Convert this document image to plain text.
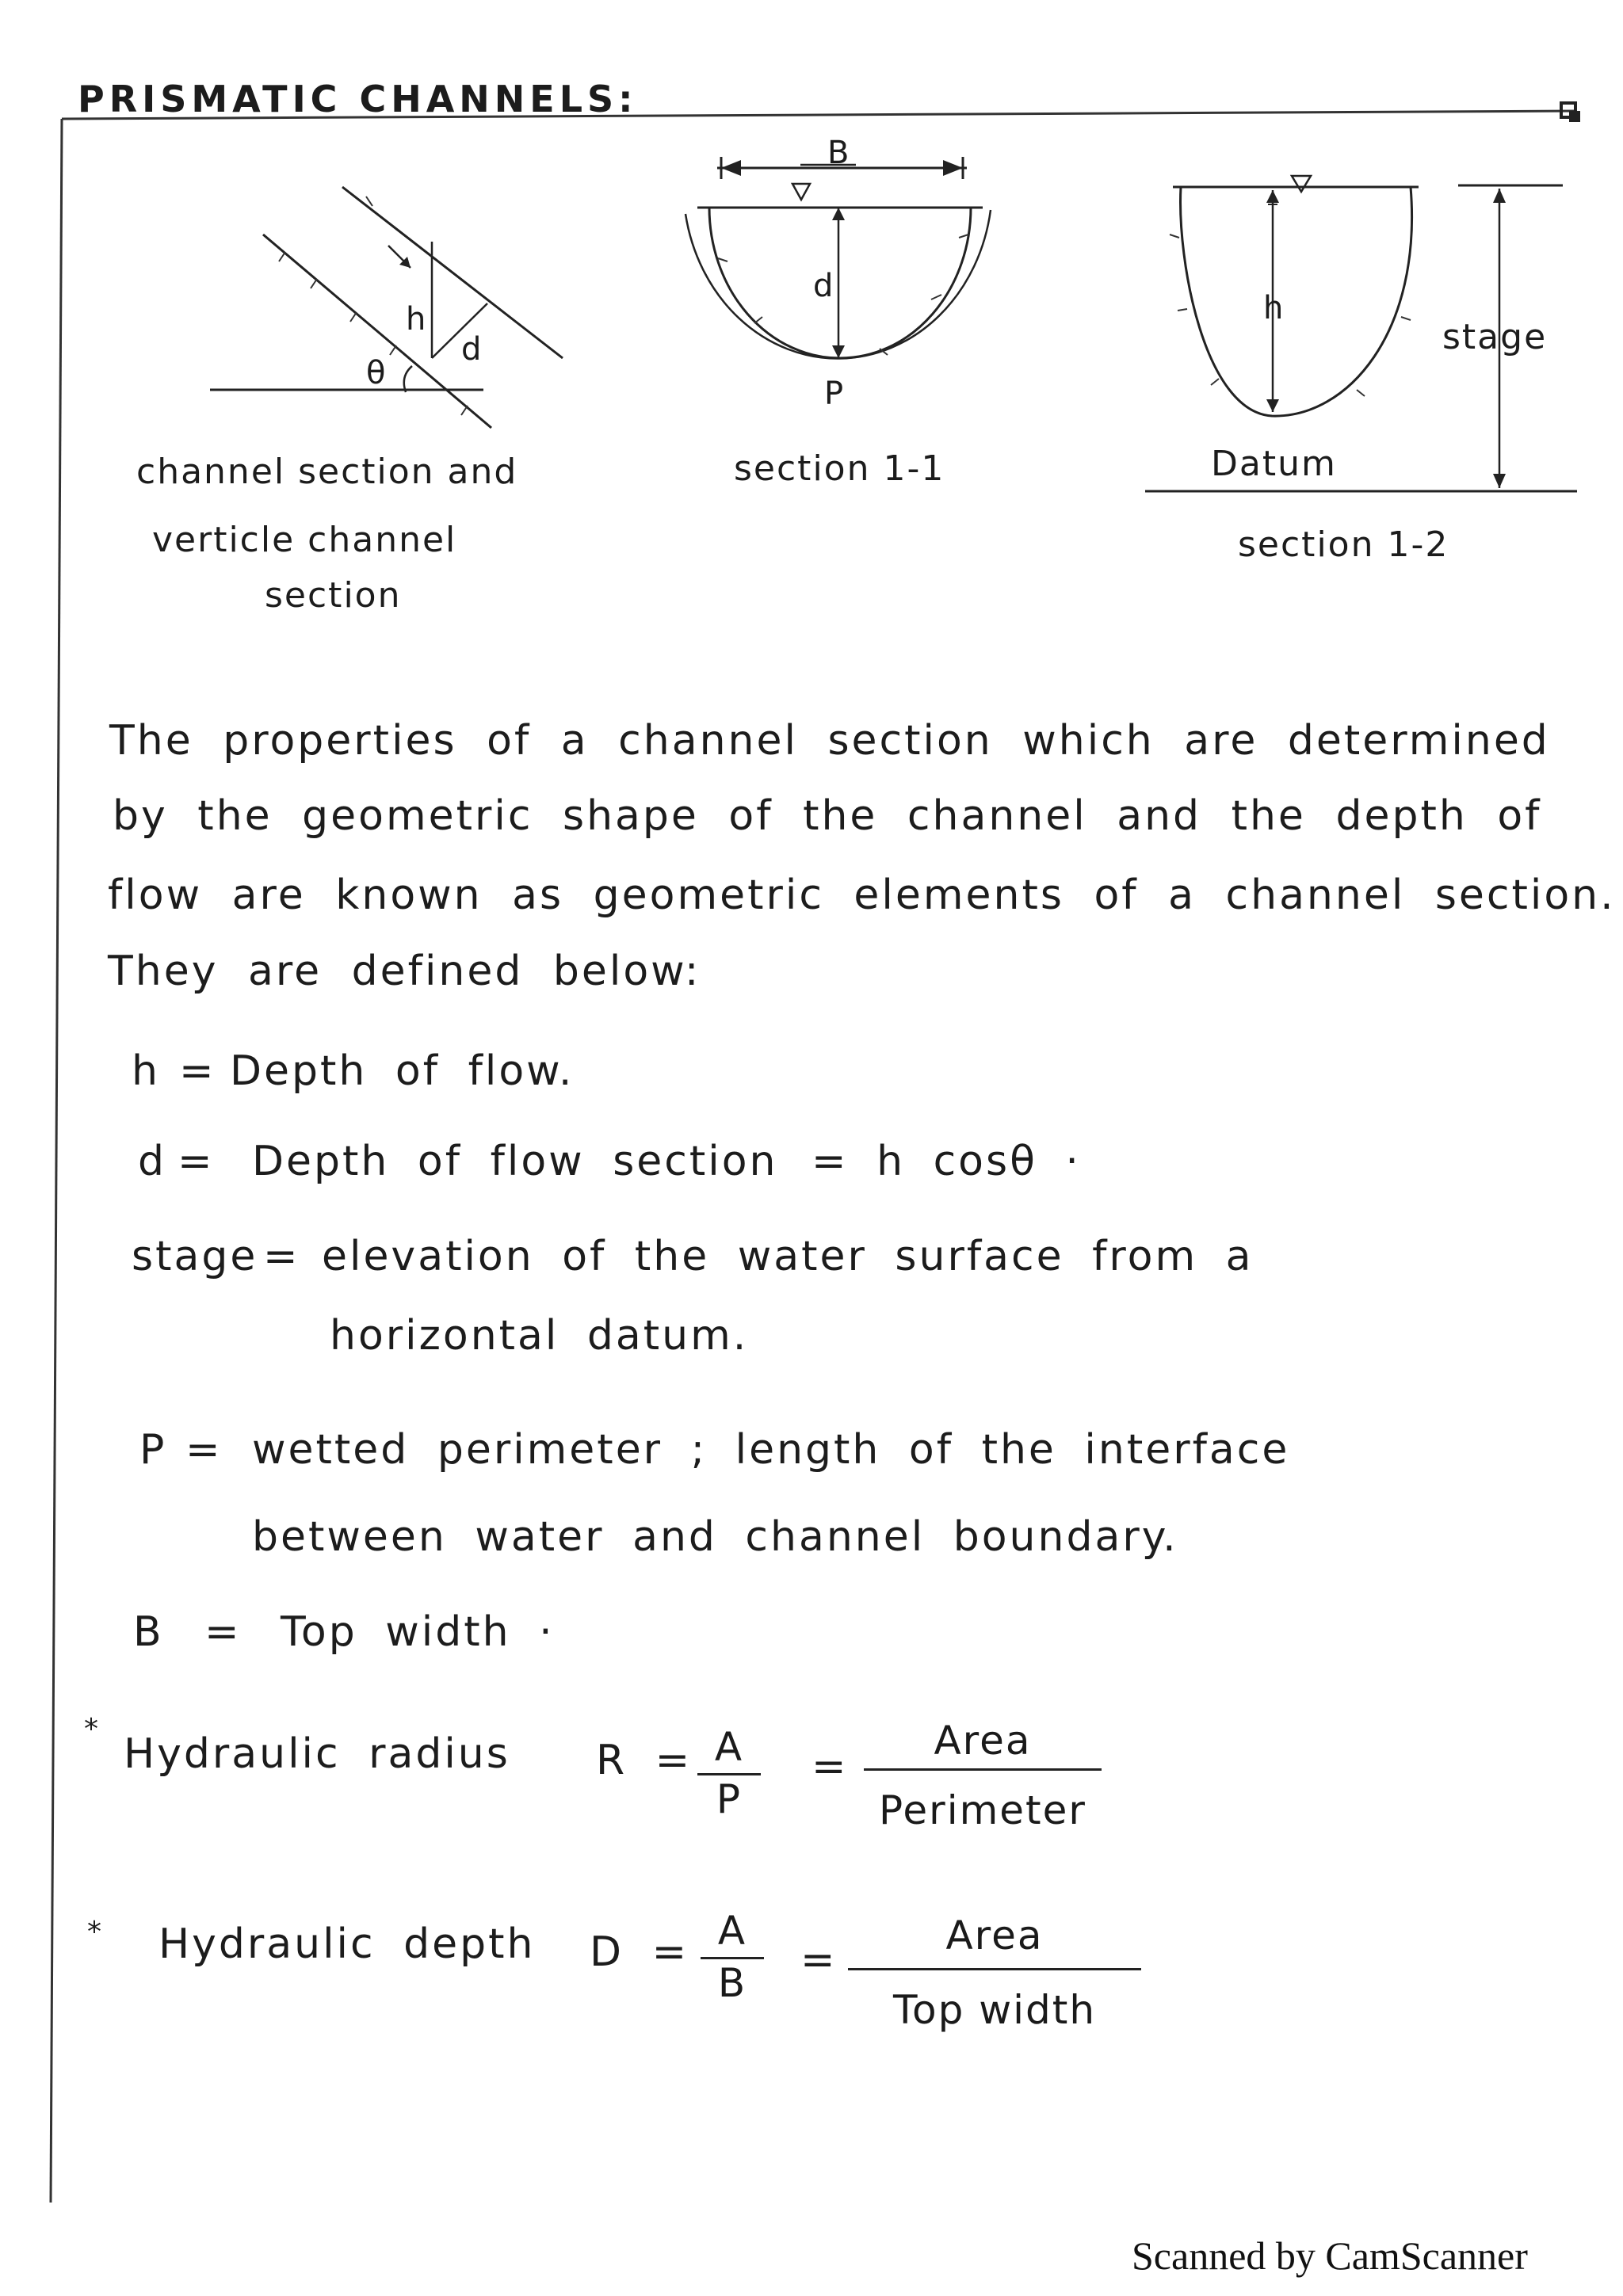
PRISMATIC CHANNELS:
h
d
θ
channel section and
verticle channel
section
B
d
P
section 1-1
h
stage
Datum
section 1-2
The properties of a channel section which are determined
by the geometric shape of the channel and the depth of
flow are known as geometric elements of a channel section.
They are defined below:
h = Depth of flow.
d = Depth of flow section = h cosθ ·
stage = elevation of the water surface from a
horizontal datum.
P = wetted perimeter ; length of the interface
between water and channel boundary.
B = Top width ·
*
Hydraulic radius R = A
P
=
Area
Perimeter
* Hydraulic depth D = A
B	=
Area
Top width
Scanned by CamScanner
